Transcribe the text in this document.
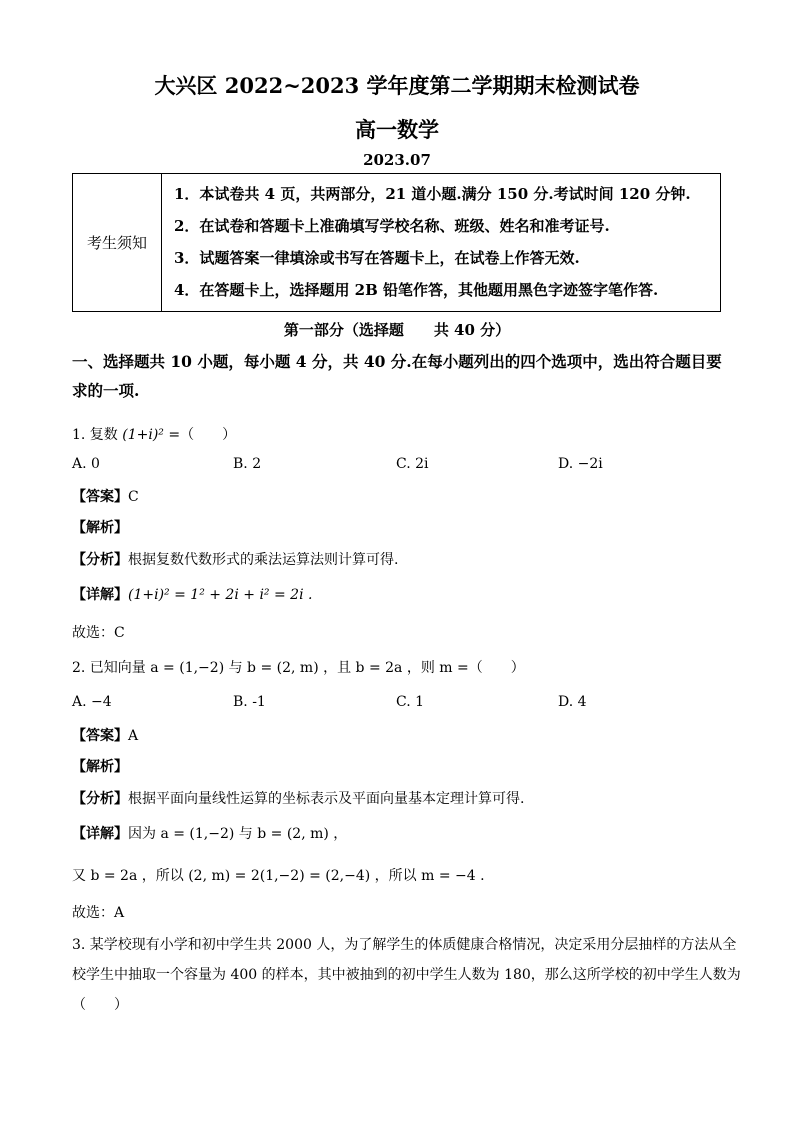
大兴区 2022~2023 学年度第二学期期末检测试卷
高一数学
2023.07
考生须知	
1．本试卷共 4 页，共两部分，21 道小题.满分 150 分.考试时间 120 分钟.
2．在试卷和答题卡上准确填写学校名称、班级、姓名和准考证号.
3．试题答案一律填涂或书写在答题卡上，在试卷上作答无效.
4．在答题卡上，选择题用 2B 铅笔作答，其他题用黑色字迹签字笔作答.
第一部分（选择题　　共 40 分）
一、选择题共 10 小题，每小题 4 分，共 40 分.在每小题列出的四个选项中，选出符合题目要
求的一项.
1. 复数 (1+i)² =（　　）
A. 0	B. 2	C. 2i	D. −2i
【答案】C
【解析】
【分析】根据复数代数形式的乘法运算法则计算可得.
【详解】(1+i)² = 1² + 2i + i² = 2i .
故选：C
2. 已知向量 a = (1,−2) 与 b = (2, m) ，且 b = 2a ，则 m =（　　）
A. −4	B. -1	C. 1	D. 4
【答案】A
【解析】
【分析】根据平面向量线性运算的坐标表示及平面向量基本定理计算可得.
【详解】因为 a = (1,−2) 与 b = (2, m) ，
又 b = 2a ，所以 (2, m) = 2(1,−2) = (2,−4) ，所以 m = −4 .
故选：A
3. 某学校现有小学和初中学生共 2000 人，为了解学生的体质健康合格情况，决定采用分层抽样的方法从全
校学生中抽取一个容量为 400 的样本，其中被抽到的初中学生人数为 180，那么这所学校的初中学生人数为
（　　）
